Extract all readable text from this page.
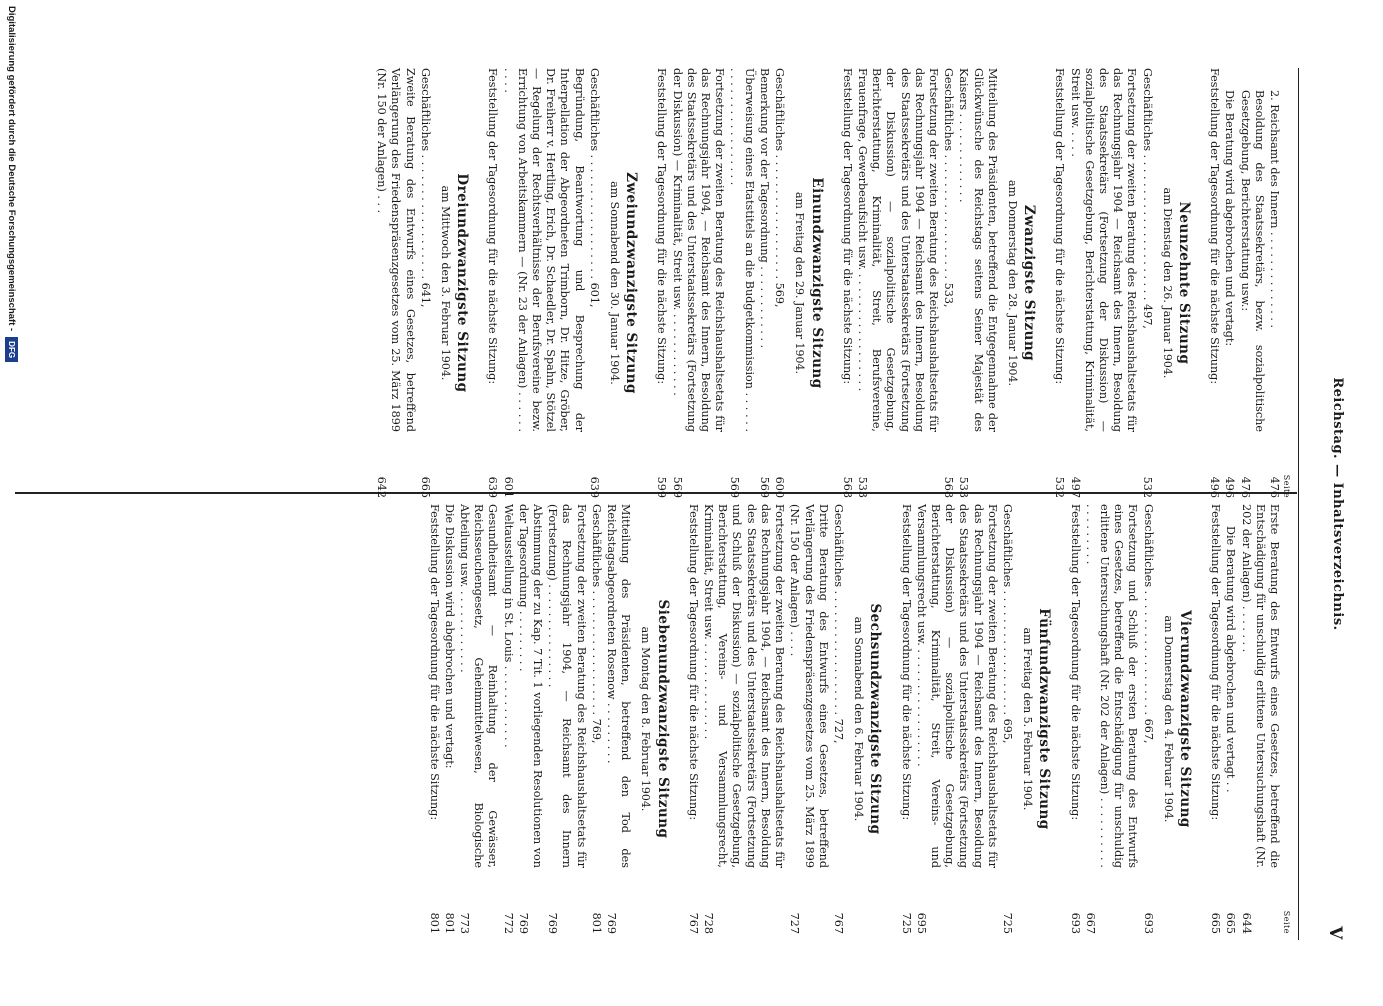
Reichstag. — Inhaltsverzeichnis.
V
Seite
2. Reichsamt des Innern . . . . . . . . . . . . . .
476
Besoldung des Staatssekretärs, bezw. sozialpolitische Gesetzgebung, Berichterstattung usw.:
476
Die Beratung wird abgebrochen und vertagt:
496
Feststellung der Tagesordnung für die nächste Sitzung:
496
Neunzehnte Sitzung
am Dienstag den 26. Januar 1904.
Geschäftliches . . . . . . . . . . . . . . . . . . . . . 497,
532
Fortsetzung der zweiten Beratung des Reichshaushaltsetats für das Rechnungsjahr 1904 — Reichsamt des Innern, Besoldung des Staatssekretärs (Fortsetzung der Diskussion) — sozialpolitische Gesetzgebung, Berichterstattung, Kriminalität, Streit usw. . . . .
497
Feststellung der Tagesordnung für die nächste Sitzung:
532
Zwanzigste Sitzung
am Donnerstag den 28. Januar 1904.
Mitteilung des Präsidenten, betreffend die Entgegennahme der Glückwünsche des Reichstags seitens Seiner Majestät des Kaisers . . . . . . . . . . . . .
533
Geschäftliches . . . . . . . . . . . . . . . . . . 533,
568
Fortsetzung der zweiten Beratung des Reichshaushaltsetats für das Rechnungsjahr 1904 — Reichsamt des Innern, Besoldung des Staatssekretärs und des Unterstaatssekretärs (Fortsetzung der Diskussion) — sozialpolitische Gesetzgebung, Berichterstattung, Kriminalität, Streit, Berufsvereine, Frauenfrage, Gewerbeaufsicht usw. . . . . . . . . . . . . . . . . .
533
Feststellung der Tagesordnung für die nächste Sitzung:
568
Einundzwanzigste Sitzung
am Freitag den 29. Januar 1904.
Geschäftliches . . . . . . . . . . . . . . . . . . 569,
600
Bemerkung vor der Tagesordnung . . . . . . . . . . . .
569
Überweisung eines Etatstitels an die Budgetkommission . . . . . . . . . . . . . . . . . . . . . . .
569
Fortsetzung der zweiten Beratung des Reichshaushaltsetats für das Rechnungsjahr 1904, — Reichsamt des Innern, Besoldung des Staatssekretärs und des Unterstaatssekretärs (Fortsetzung der Diskussion) — Kriminalität, Streit usw. . . . . . . . . . . . .
569
Feststellung der Tagesordnung für die nächste Sitzung:
599
Zweiundzwanzigste Sitzung
am Sonnabend den 30. Januar 1904.
Geschäftliches . . . . . . . . . . . . . . . . . . 601,
639
Begründung, Beantwortung und Besprechung der Interpellation der Abgeordneten Trimborn, Dr. Hitze, Gröber, Dr. Freiherr v. Hertling, Erich, Dr. Schaedler, Dr. Spahn, Stötzel — Regelung der Rechtsverhältnisse der Berufsvereine bezw. Errichtung von Arbeitskammern — (Nr. 23 der Anlagen) . . . . . . . . . .
601
Feststellung der Tagesordnung für die nächste Sitzung:
639
Dreiundzwanzigste Sitzung
am Mittwoch den 3. Februar 1904.
Geschäftliches . . . . . . . . . . . . . . . . . . 641,
665
Zweite Beratung des Entwurfs eines Gesetzes, betreffend Verlängerung des Friedenspräsenzgesetzes vom 25. März 1899 (Nr. 150 der Anlagen) . . .
642
Seite
Erste Beratung des Entwurfs eines Gesetzes, betreffend die Entschädigung für unschuldig erlittene Untersuchungshaft (Nr. 202 der Anlagen) . . . . . . .
644
Die Beratung wird abgebrochen und vertagt . .
665
Feststellung der Tagesordnung für die nächste Sitzung:
665
Vierundzwanzigste Sitzung
am Donnerstag den 4. Februar 1904.
Geschäftliches . . . . . . . . . . . . . . . . . . 667,
693
Fortsetzung und Schluß der ersten Beratung des Entwurfs eines Gesetzes, betreffend die Entschädigung für unschuldig erlittene Untersuchungshaft (Nr. 202 der Anlagen) . . . . . . . . . . . . . . . . . . .
667
Feststellung der Tagesordnung für die nächste Sitzung:
693
Fünfundzwanzigste Sitzung
am Freitag den 5. Februar 1904.
Geschäftliches . . . . . . . . . . . . . . . . . . 695,
725
Fortsetzung der zweiten Beratung des Reichshaushaltsetats für das Rechnungsjahr 1904 — Reichsamt des Innern, Besoldung des Staatssekretärs und des Unterstaatssekretärs (Fortsetzung der Diskussion) — sozialpolitische Gesetzgebung, Berichterstattung, Kriminalität, Streit, Vereins- und Versammlungsrecht usw. . . . . . . . . . . . . . . . . .
695
Feststellung der Tagesordnung für die nächste Sitzung:
725
Sechsundzwanzigste Sitzung
am Sonnabend den 6. Februar 1904.
Geschäftliches . . . . . . . . . . . . . . . . . . 727,
767
Dritte Beratung des Entwurfs eines Gesetzes, betreffend Verlängerung des Friedenspräsenzgesetzes vom 25. März 1899 (Nr. 150 der Anlagen) . . . .
727
Fortsetzung der zweiten Beratung des Reichshaushaltsetats für das Rechnungsjahr 1904, — Reichsamt des Innern, Besoldung des Staatssekretärs und des Unterstaatssekretärs (Fortsetzung und Schluß der Diskussion) — sozialpolitische Gesetzgebung, Berichterstattung, Vereins- und Versammlungsrecht, Kriminalität, Streit usw. . . . . . . . . . . . . . .
728
Feststellung der Tagesordnung für die nächste Sitzung:
767
Siebenundzwanzigste Sitzung
am Montag den 8. Februar 1904.
Mitteilung des Präsidenten, betreffend den Tod des Reichstagsabgeordneten Rosenow . . . . . . . . .
769
Geschäftliches . . . . . . . . . . . . . . . . . . 769,
801
Fortsetzung der zweiten Beratung des Reichshaushaltsetats für das Rechnungsjahr 1904, — Reichsamt des Innern (Fortsetzung) . . . . . . . . . . . . . . .
769
Abstimmung der zu Kap. 7 Tit. 1 vorliegenden Resolutionen von der Tagesordnung . . . . . . . . .
769
Weltausstellung in St. Louis . . . . . . . . . . . .
772
Gesundheitsamt — Reinhaltung der Gewässer, Reichsseuchengesetz, Geheimmittelwesen, Biologische Abteilung usw. . . . . . . . . . . . .
773
Die Diskussion wird abgebrochen und vertagt:
801
Feststellung der Tagesordnung für die nächste Sitzung:
801
Digitalisierung gefördert durch die Deutsche Forschungsgemeinschaft -
DFG
